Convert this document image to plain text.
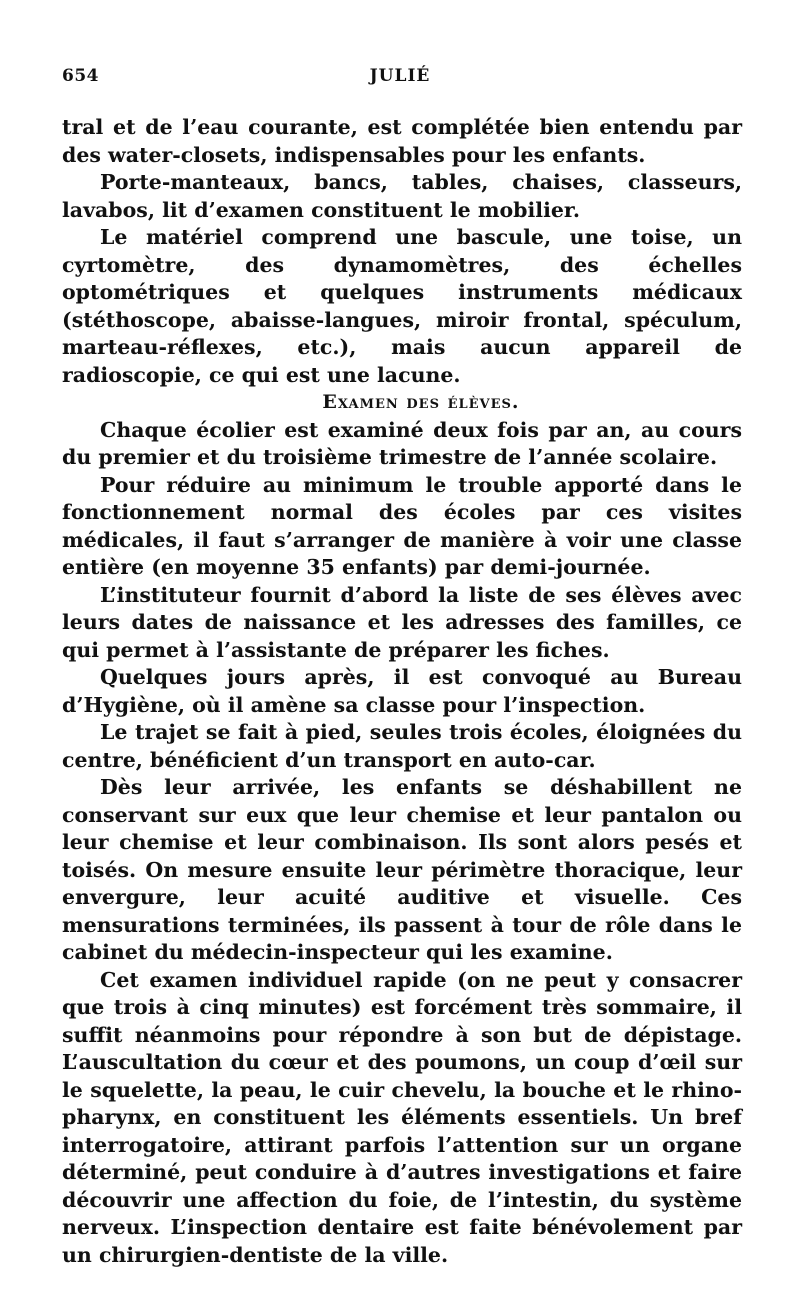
654	JULIÉ

tral et de l’eau courante, est complétée bien entendu par des water-closets, indispensables pour les enfants.

Porte-manteaux, bancs, tables, chaises, classeurs, lavabos, lit d’examen constituent le mobilier.

Le matériel comprend une bascule, une toise, un cyrtomètre, des dynamomètres, des échelles optométriques et quelques instruments médicaux (stéthoscope, abaisse-langues, miroir frontal, spéculum, marteau-réflexes, etc.), mais aucun appareil de radioscopie, ce qui est une lacune.

Examen des élèves.

Chaque écolier est examiné deux fois par an, au cours du premier et du troisième trimestre de l’année scolaire.

Pour réduire au minimum le trouble apporté dans le fonctionnement normal des écoles par ces visites médicales, il faut s’arranger de manière à voir une classe entière (en moyenne 35 enfants) par demi-journée.

L’instituteur fournit d’abord la liste de ses élèves avec leurs dates de naissance et les adresses des familles, ce qui permet à l’assistante de préparer les fiches.

Quelques jours après, il est convoqué au Bureau d’Hygiène, où il amène sa classe pour l’inspection.

Le trajet se fait à pied, seules trois écoles, éloignées du centre, bénéficient d’un transport en auto-car.

Dès leur arrivée, les enfants se déshabillent ne conservant sur eux que leur chemise et leur pantalon ou leur chemise et leur combinaison. Ils sont alors pesés et toisés. On mesure ensuite leur périmètre thoracique, leur envergure, leur acuité auditive et visuelle. Ces mensurations terminées, ils passent à tour de rôle dans le cabinet du médecin-inspecteur qui les examine.

Cet examen individuel rapide (on ne peut y consacrer que trois à cinq minutes) est forcément très sommaire, il suffit néanmoins pour répondre à son but de dépistage. L’auscultation du cœur et des poumons, un coup d’œil sur le squelette, la peau, le cuir chevelu, la bouche et le rhino-pharynx, en constituent les éléments essentiels. Un bref interrogatoire, attirant parfois l’attention sur un organe déterminé, peut conduire à d’autres investigations et faire découvrir une affection du foie, de l’intestin, du système nerveux. L’inspection dentaire est faite bénévolement par un chirurgien-dentiste de la ville.
